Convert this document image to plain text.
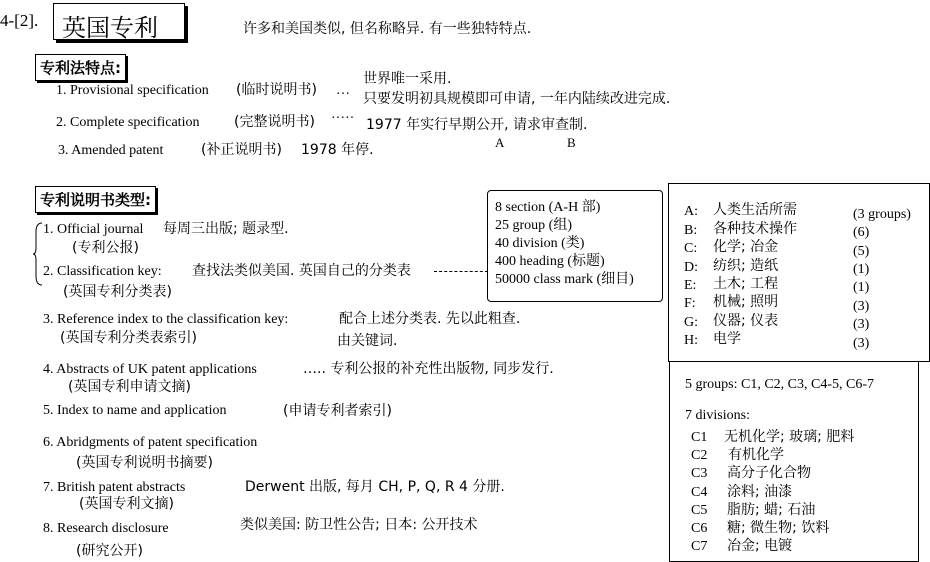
4-[2]. 英国专利	许多和美国类似, 但名称略异. 有一些独特特点.
专利法特点:
1. Provisional specification (临时说明书) …
世界唯一采用.
只要发明初具规模即可申请, 一年内陆续改进完成.
2. Complete specification (完整说明书) ····· 1977 年实行早期公开, 请求审查制.
A	B
3. Amended patent	(补正说明书) 1978 年停.
专利说明书类型:
1. Official journal 每周三出版; 题录型.
(专利公报)
2. Classification key: 查找法类似美国. 英国自己的分类表
(英国专利分类表)
3. Reference index to the classification key:	配合上述分类表. 先以此粗查.
(英国专利分类表索引)	由关键词.
4. Abstracts of UK patent applications	….. 专利公报的补充性出版物, 同步发行.
(英国专利申请文摘)
5. Index to name and application	(申请专利者索引)
6. Abridgments of patent specification
(英国专利说明书摘要)
7. British patent abstracts	Derwent 出版, 每月 CH, P, Q, R 4 分册.
(英国专利文摘)
8. Research disclosure	类似美国: 防卫性公告; 日本: 公开技术
(研究公开)
8 section (A-H 部)
25 group (组)
40 division (类)
400 heading (标题)
50000 class mark (细目)
A: 人类生活所需	(3 groups)
B: 各种技术操作	(6)
C: 化学; 冶金	(5)
D: 纺织; 造纸	(1)
E: 土木; 工程	(1)
F: 机械; 照明	(3)
G: 仪器; 仪表	(3)
H: 电学	(3)
5 groups: C1, C2, C3, C4-5, C6-7
7 divisions:
C1 无机化学; 玻璃; 肥料
C2 有机化学
C3 高分子化合物
C4 涂料; 油漆
C5 脂肪; 蜡; 石油
C6 糖; 微生物; 饮料
C7 冶金; 电镀
